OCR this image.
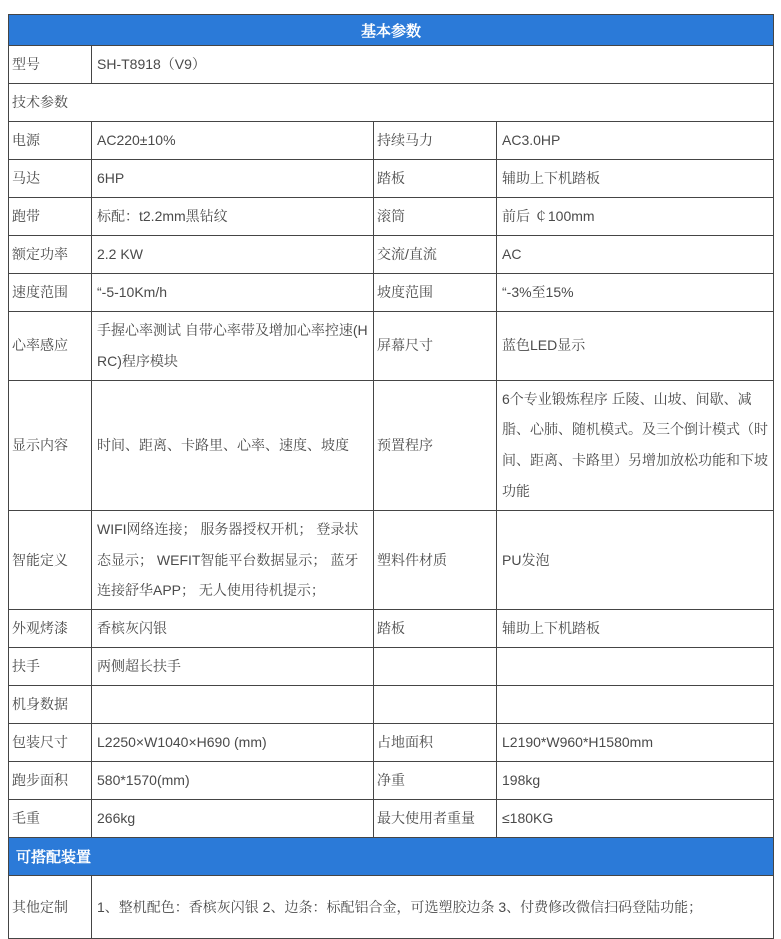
基本参数			
型号	SH-T8918（V9）		
技术参数			
电源	AC220±10%	持续马力	AC3.0HP
马达	6HP	踏板	辅助上下机踏板
跑带	标配：t2.2mm黑钻纹	滚筒	前后 ￠100mm
额定功率	2.2 KW	交流/直流	AC
速度范围	“-5-10Km/h	坡度范围	“-3%至15%
心率感应	手握心率测试 自带心率带及增加心率控速(HRC)程序模块	屏幕尺寸	蓝色LED显示
显示内容	时间、距离、卡路里、心率、速度、坡度	预置程序	6个专业锻炼程序 丘陵、山坡、间歇、减脂、心肺、随机模式。及三个倒计模式（时间、距离、卡路里）另增加放松功能和下坡功能
智能定义	WIFI网络连接； 服务器授权开机； 登录状态显示； WEFIT智能平台数据显示； 蓝牙连接舒华APP； 无人使用待机提示；	塑料件材质	PU发泡
外观烤漆	香槟灰闪银	踏板	辅助上下机踏板
扶手	两侧超长扶手		
机身数据			
包装尺寸	L2250×W1040×H690 (mm)	占地面积	L2190*W960*H1580mm
跑步面积	580*1570(mm)	净重	198kg
毛重	266kg	最大使用者重量	≤180KG
可搭配装置			
其他定制	1、整机配色：香槟灰闪银 2、边条：标配铝合金，可选塑胶边条 3、付费修改微信扫码登陆功能；		
